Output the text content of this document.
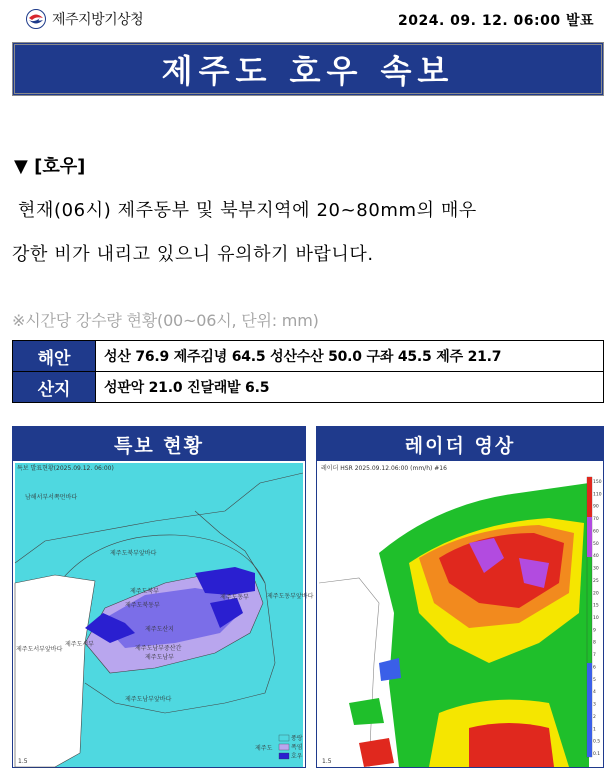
제주지방기상청	2024. 09. 12. 06:00 발표
제주도 호우 속보
▼ [호우]
현재(06시) 제주동부 및 북부지역에 20~80mm의 매우
강한 비가 내리고 있으니 유의하기 바랍니다.
※시간당 강수량 현황(00~06시, 단위: mm)
해안	성산 76.9 제주김녕 64.5 성산수산 50.0 구좌 45.5 제주 21.7
산지	성판악 21.0 진달래밭 6.5
특보 현황
특보 발표현황(2025.09.12. 06:00)
남해서부서쪽먼바다
제주도북부앞바다
제주도동부앞바다
제주도서부앞바다
제주도남부앞바다
제주도서부
제주도북부
제주도동부
제주도산지
제주도남부
제주도북동부
제주도남부중산간
제주도
풍랑
폭염
호우
1.5
레이더 영상
레이더 HSR 2025.09.12.06:00 (mm/h) #16
150
110
90
70
60
50
40
30
25
20
15
10
9
8
7
6
5
4
3
2
1
0.5
0.1
1.5
